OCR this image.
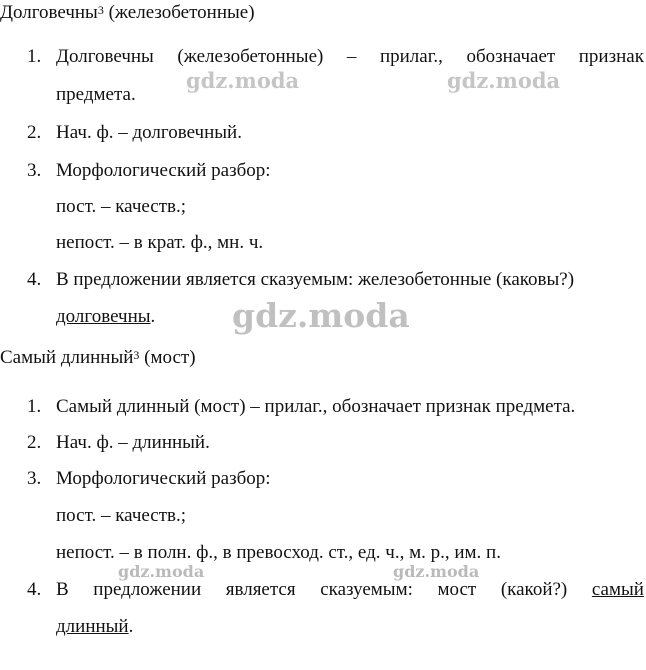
Долговечны$^3$ (железобетонные)
1. Долговечны (железобетонные) – прилаг., обозначает признак
предмета.
2. Нач. ф. – долговечный.
3. Морфологический разбор:
пост. – качеств.;
непост. – в крат. ф., мн. ч.
4. В предложении является сказуемым: железобетонные (каковы?)
долговечны.
Самый длинный$^3$ (мост)
1. Самый длинный (мост) – прилаг., обозначает признак предмета.
2. Нач. ф. – длинный.
3. Морфологический разбор:
пост. – качеств.;
непост. – в полн. ф., в превосход. ст., ед. ч., м. р., им. п.
4. В предложении является сказуемым: мост (какой?) самый
длинный.
gdz.moda	gdz.moda
gdz.moda
gdz.moda	gdz.moda
